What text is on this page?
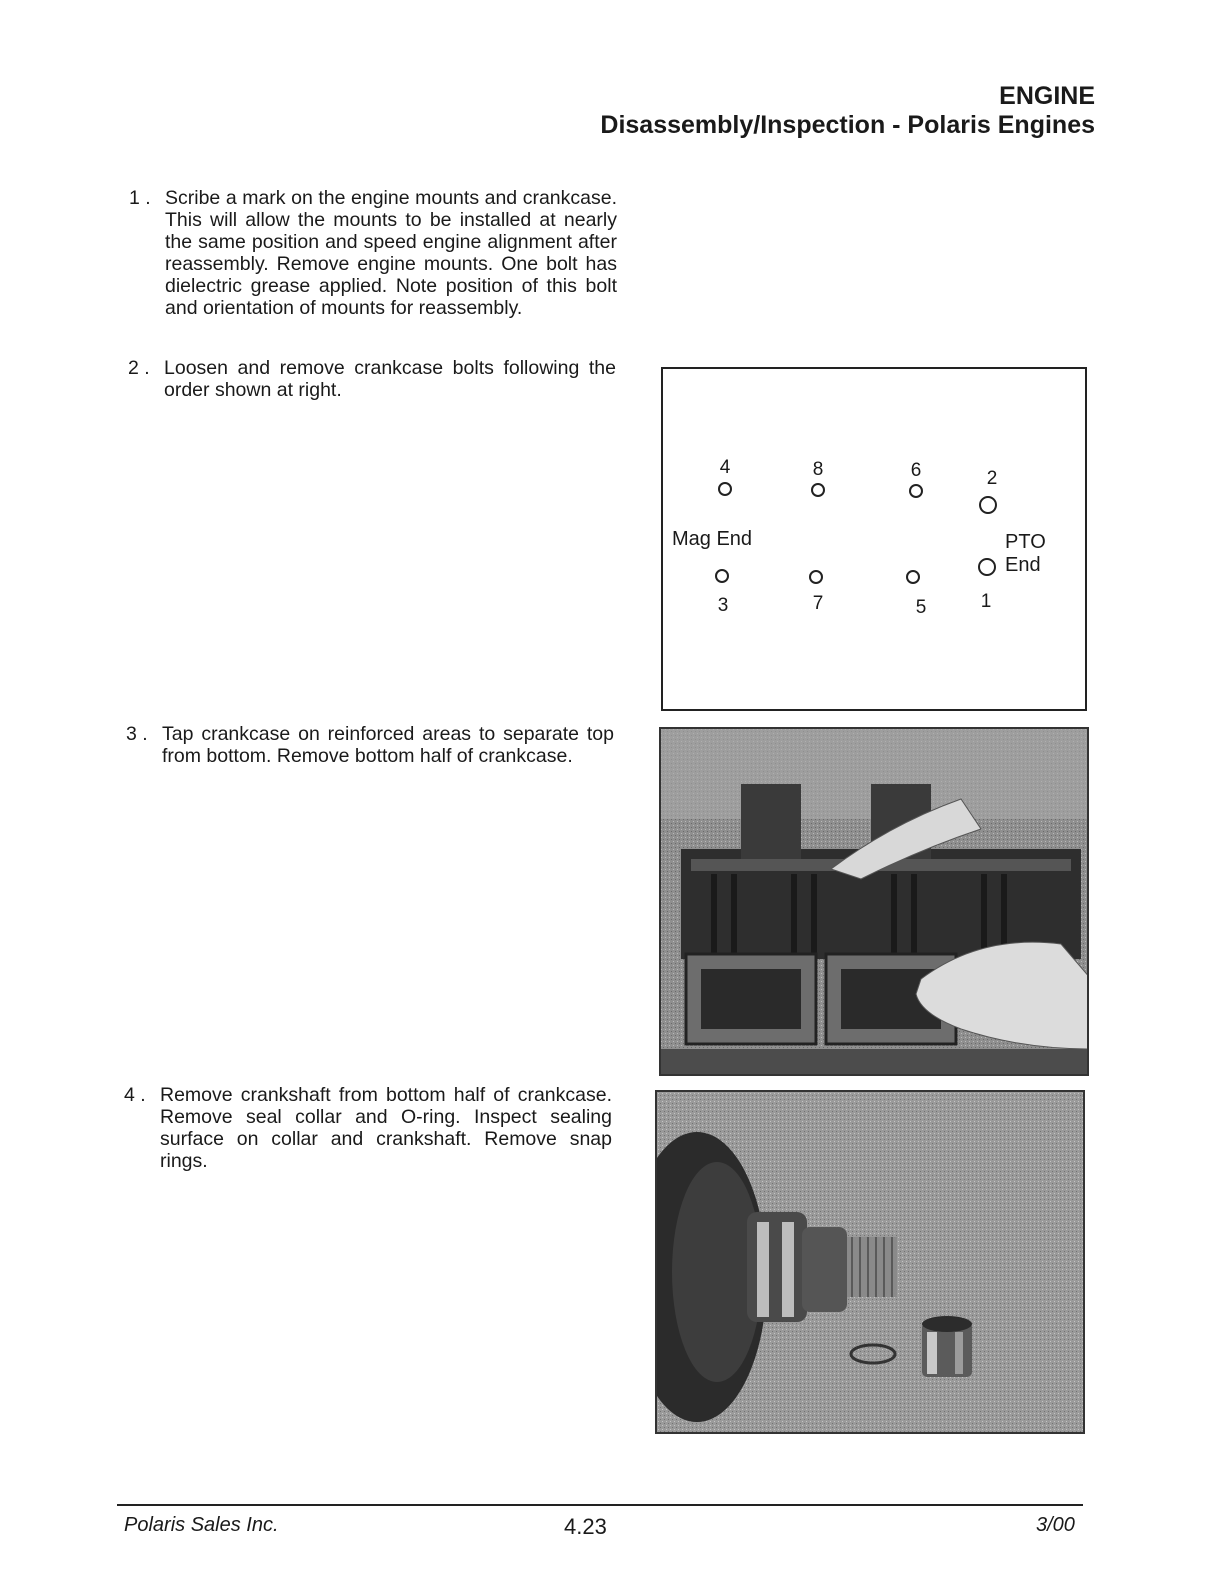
ENGINE
Disassembly/Inspection - Polaris Engines
1 . Scribe a mark on the engine mounts and crankcase. This will allow the mounts to be installed at nearly the same position and speed engine alignment after reassembly. Remove engine mounts. One bolt has dielectric grease applied. Note position of this bolt and orientation of mounts for reassembly.
2 . Loosen and remove crankcase bolts following the order shown at right.
4	8	6	2
Mag End	PTO End
3	7	5	1
3 . Tap crankcase on reinforced areas to separate top from bottom. Remove bottom half of crankcase.
4 . Remove crankshaft from bottom half of crankcase. Remove seal collar and O-ring. Inspect sealing surface on collar and crankshaft. Remove snap rings.
Polaris Sales Inc.	4.23	3/00
